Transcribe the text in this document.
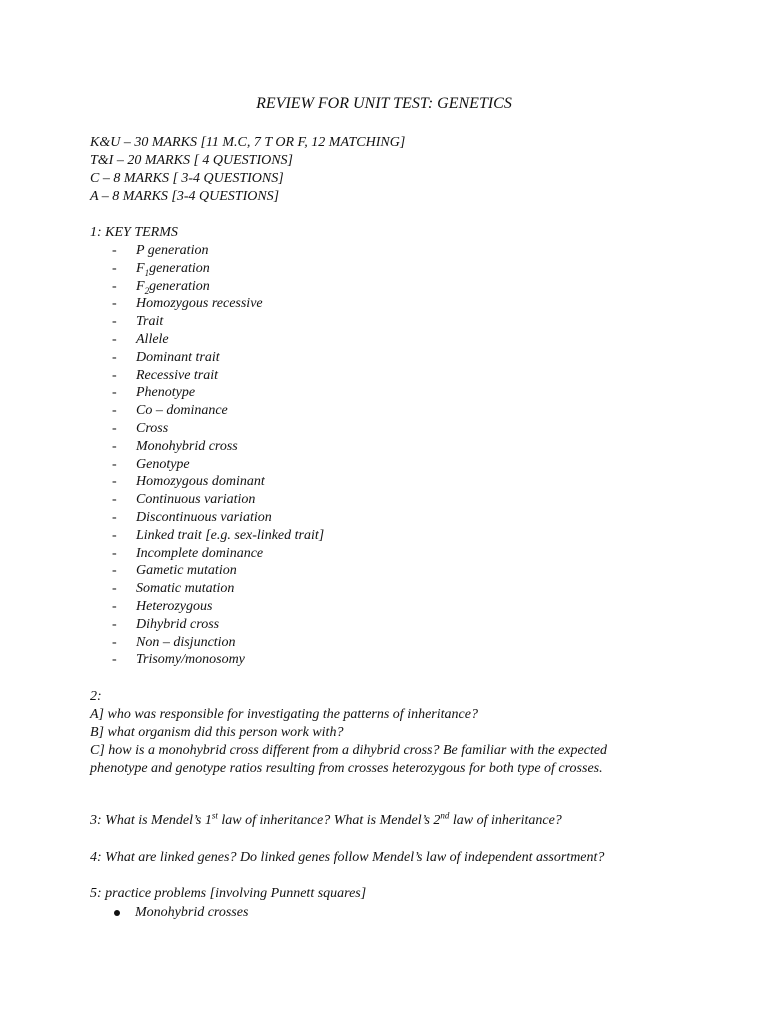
REVIEW FOR UNIT TEST: GENETICS
K&U – 30 MARKS [11 M.C, 7 T OR F, 12 MATCHING]
T&I – 20 MARKS [ 4 QUESTIONS]
C – 8 MARKS [ 3-4 QUESTIONS]
A – 8 MARKS [3-4 QUESTIONS]
1: KEY TERMS
- P generation
- $F_1generation$
- $F_2generation$
- Homozygous recessive
- Trait
- Allele
- Dominant trait
- Recessive trait
- Phenotype
- Co – dominance
- Cross
- Monohybrid cross
- Genotype
- Homozygous dominant
- Continuous variation
- Discontinuous variation
- Linked trait [e.g. sex-linked trait]
- Incomplete dominance
- Gametic mutation
- Somatic mutation
- Heterozygous
- Dihybrid cross
- Non – disjunction
- Trisomy/monosomy
2:
A] who was responsible for investigating the patterns of inheritance?
B] what organism did this person work with?
C] how is a monohybrid cross different from a dihybrid cross? Be familiar with the expected phenotype and genotype ratios resulting from crosses heterozygous for both type of crosses.
3: What is Mendel’s 1st law of inheritance? What is Mendel’s 2nd law of inheritance?
4: What are linked genes? Do linked genes follow Mendel’s law of independent assortment?
5: practice problems [involving Punnett squares]
Monohybrid crosses
